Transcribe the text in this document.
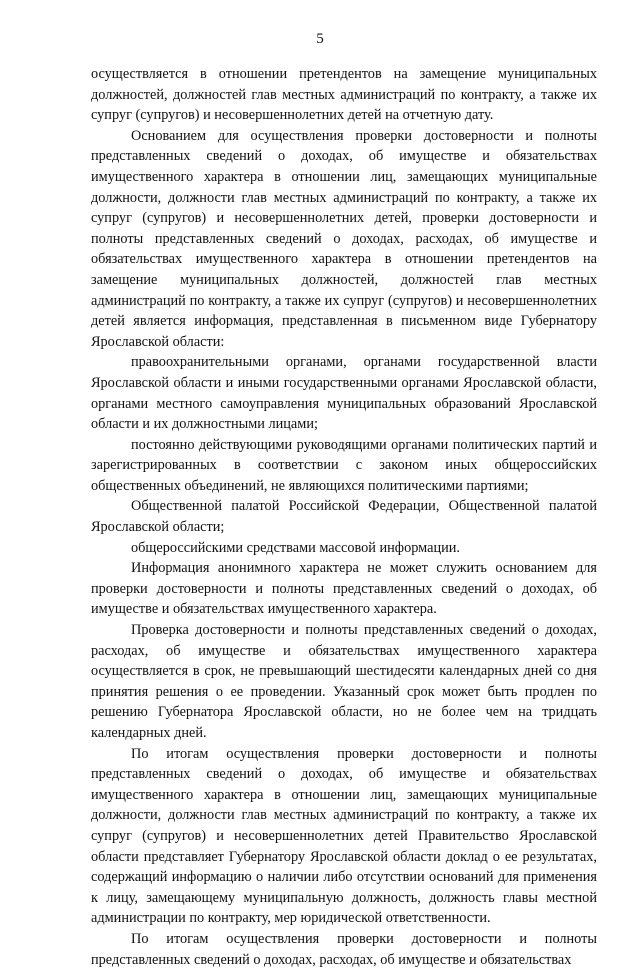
5

осуществляется в отношении претендентов на замещение муниципальных должностей, должностей глав местных администраций по контракту, а также их супруг (супругов) и несовершеннолетних детей на отчетную дату.

Основанием для осуществления проверки достоверности и полноты представленных сведений о доходах, об имуществе и обязательствах имущественного характера в отношении лиц, замещающих муниципальные должности, должности глав местных администраций по контракту, а также их супруг (супругов) и несовершеннолетних детей, проверки достоверности и полноты представленных сведений о доходах, расходах, об имуществе и обязательствах имущественного характера в отношении претендентов на замещение муниципальных должностей, должностей глав местных администраций по контракту, а также их супруг (супругов) и несовершеннолетних детей является информация, представленная в письменном виде Губернатору Ярославской области:

правоохранительными органами, органами государственной власти Ярославской области и иными государственными органами Ярославской области, органами местного самоуправления муниципальных образований Ярославской области и их должностными лицами;

постоянно действующими руководящими органами политических партий и зарегистрированных в соответствии с законом иных общероссийских общественных объединений, не являющихся политическими партиями;

Общественной палатой Российской Федерации, Общественной палатой Ярославской области;

общероссийскими средствами массовой информации.

Информация анонимного характера не может служить основанием для проверки достоверности и полноты представленных сведений о доходах, об имуществе и обязательствах имущественного характера.

Проверка достоверности и полноты представленных сведений о доходах, расходах, об имуществе и обязательствах имущественного характера осуществляется в срок, не превышающий шестидесяти календарных дней со дня принятия решения о ее проведении. Указанный срок может быть продлен по решению Губернатора Ярославской области, но не более чем на тридцать календарных дней.

По итогам осуществления проверки достоверности и полноты представленных сведений о доходах, об имуществе и обязательствах имущественного характера в отношении лиц, замещающих муниципальные должности, должности глав местных администраций по контракту, а также их супруг (супругов) и несовершеннолетних детей Правительство Ярославской области представляет Губернатору Ярославской области доклад о ее результатах, содержащий информацию о наличии либо отсутствии оснований для применения к лицу, замещающему муниципальную должность, должность главы местной администрации по контракту, мер юридической ответственности.

По итогам осуществления проверки достоверности и полноты представленных сведений о доходах, расходах, об имуществе и обязательствах
